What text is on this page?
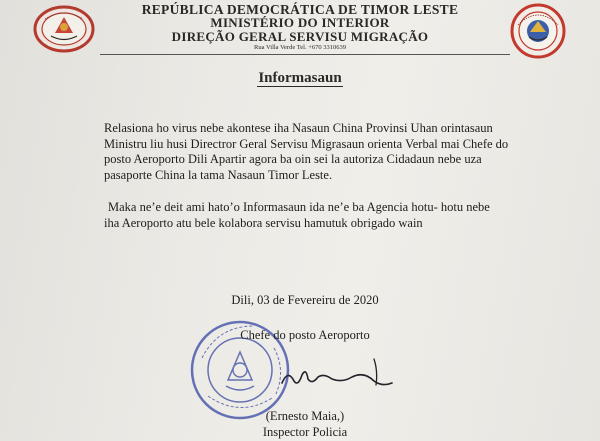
REPÚBLICA DEMOCRÁTICA DE TIMOR LESTE
MINISTÉRIO DO INTERIOR
DIREÇÃO GERAL SERVISU MIGRAÇÃO
Rua Villa Verde Tel. +670 3310639
Informasaun
Relasiona ho virus nebe akontese iha Nasaun China Provinsi Uhan orintasaun
Ministru liu husi Directror Geral Servisu Migrasaun orienta Verbal mai Chefe do
posto Aeroporto Dili Apartir agora ba oin sei la autoriza Cidadaun nebe uza
pasaporte China la tama Nasaun Timor Leste.
Maka ne’e deit ami hato’o Informasaun ida ne’e ba Agencia hotu- hotu nebe
iha Aeroporto atu bele kolabora servisu hamutuk obrigado wain
Dili, 03 de Fevereiru de 2020
Chefe do posto Aeroporto
(Ernesto Maia,)
Inspector Policia
